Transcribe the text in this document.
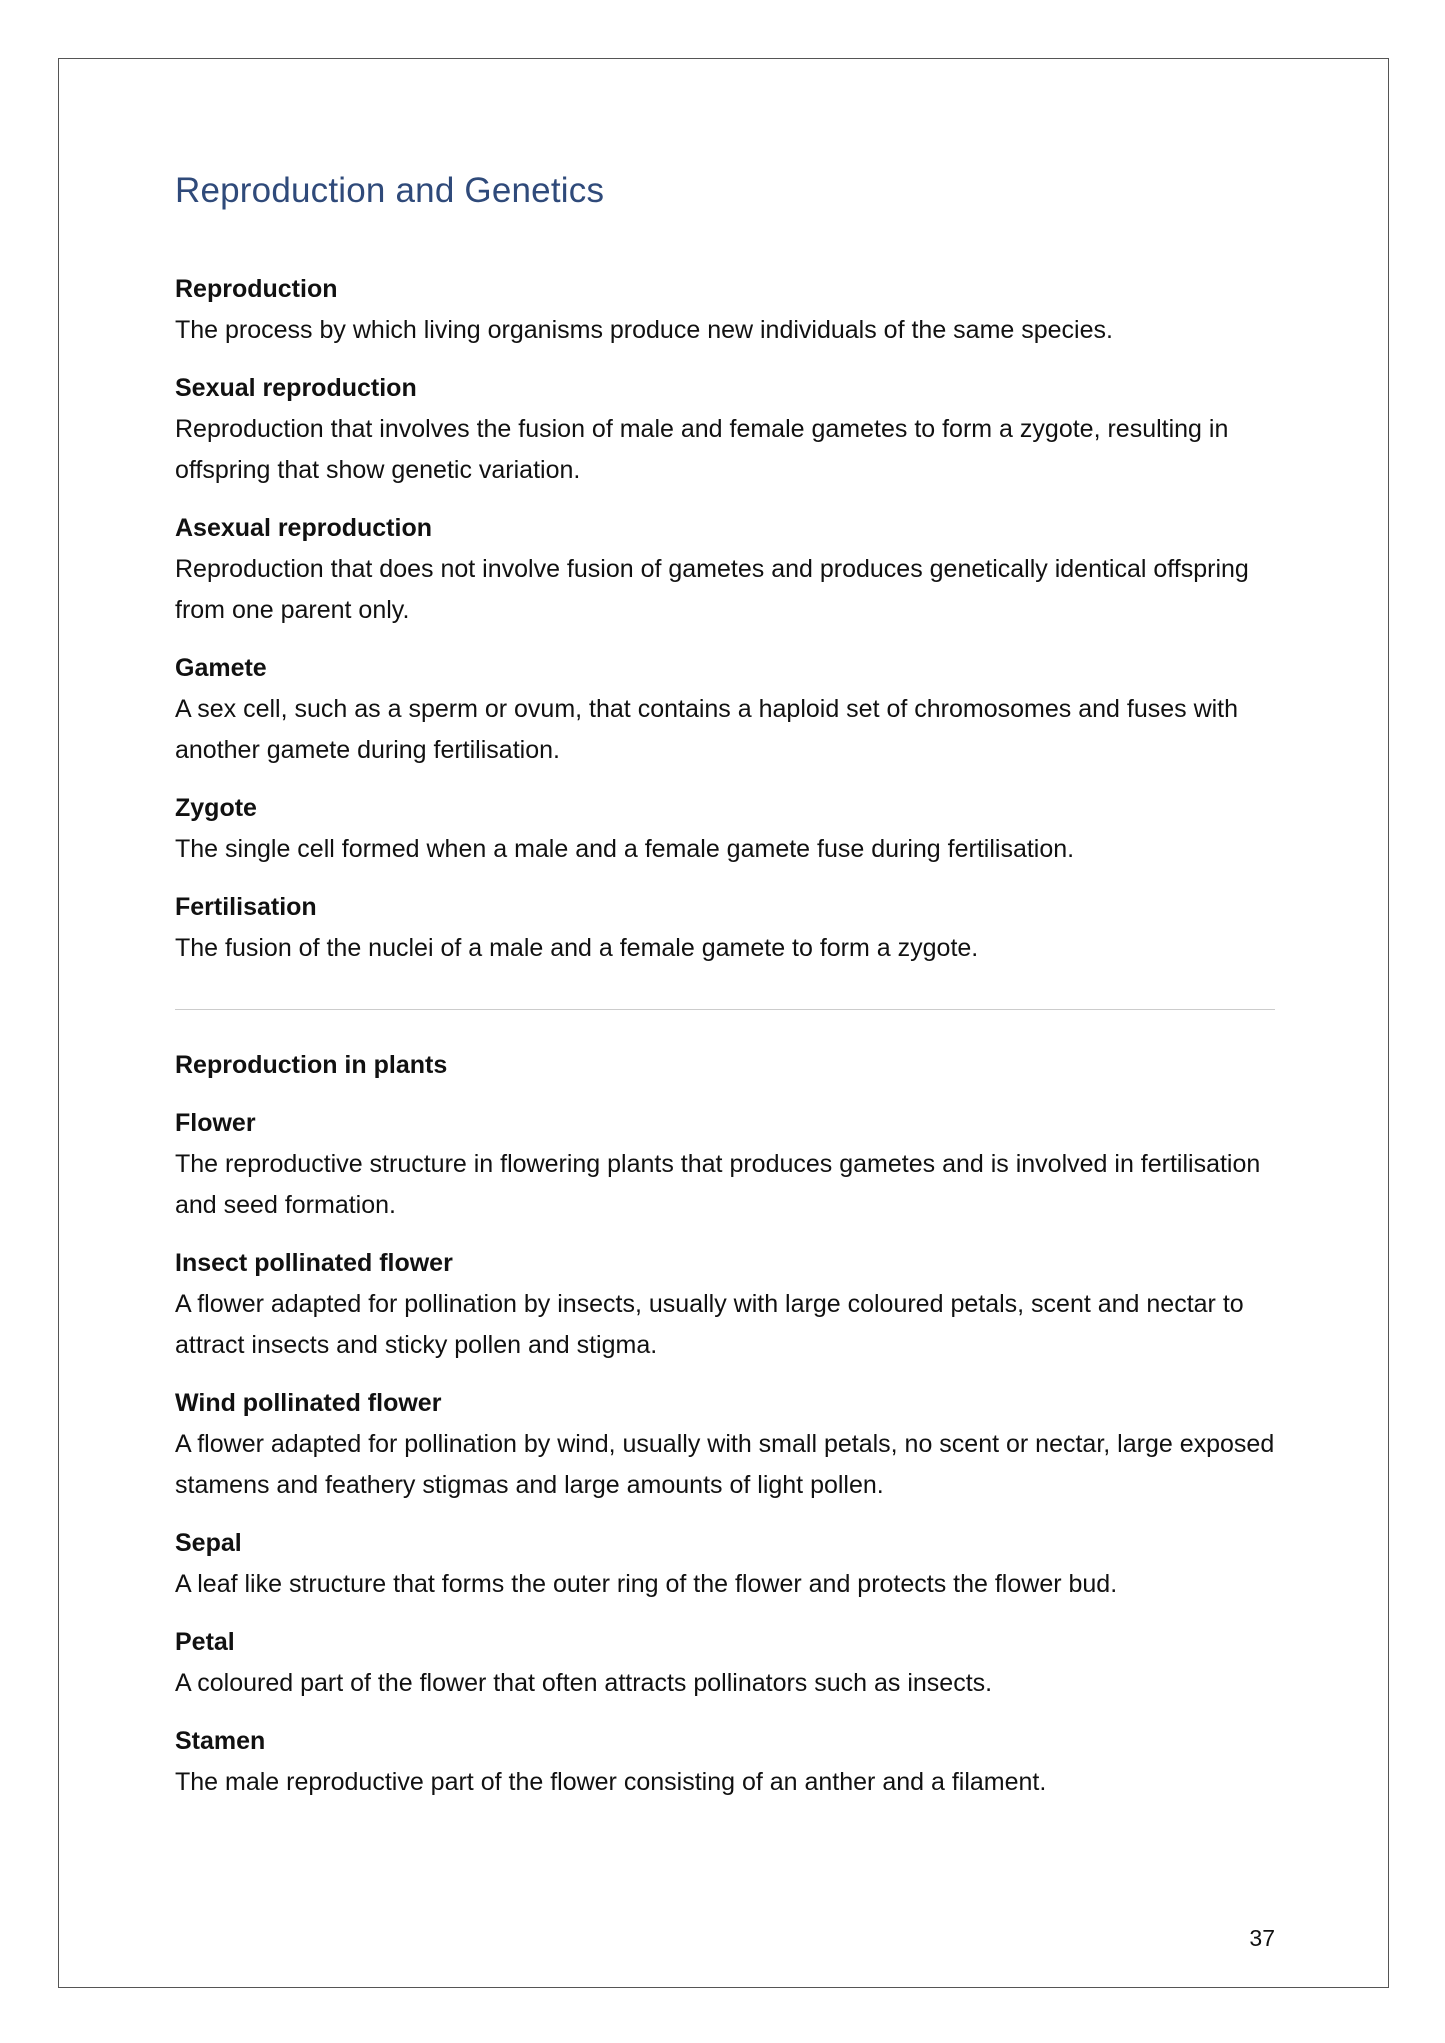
Reproduction and Genetics

Reproduction

The process by which living organisms produce new individuals of the same species.

Sexual reproduction

Reproduction that involves the fusion of male and female gametes to form a zygote, resulting in offspring that show genetic variation.

Asexual reproduction

Reproduction that does not involve fusion of gametes and produces genetically identical offspring from one parent only.

Gamete

A sex cell, such as a sperm or ovum, that contains a haploid set of chromosomes and fuses with another gamete during fertilisation.

Zygote

The single cell formed when a male and a female gamete fuse during fertilisation.

Fertilisation

The fusion of the nuclei of a male and a female gamete to form a zygote.

Reproduction in plants

Flower

The reproductive structure in flowering plants that produces gametes and is involved in fertilisation and seed formation.

Insect pollinated flower

A flower adapted for pollination by insects, usually with large coloured petals, scent and nectar to attract insects and sticky pollen and stigma.

Wind pollinated flower

A flower adapted for pollination by wind, usually with small petals, no scent or nectar, large exposed stamens and feathery stigmas and large amounts of light pollen.

Sepal

A leaf like structure that forms the outer ring of the flower and protects the flower bud.

Petal

A coloured part of the flower that often attracts pollinators such as insects.

Stamen

The male reproductive part of the flower consisting of an anther and a filament.

37
